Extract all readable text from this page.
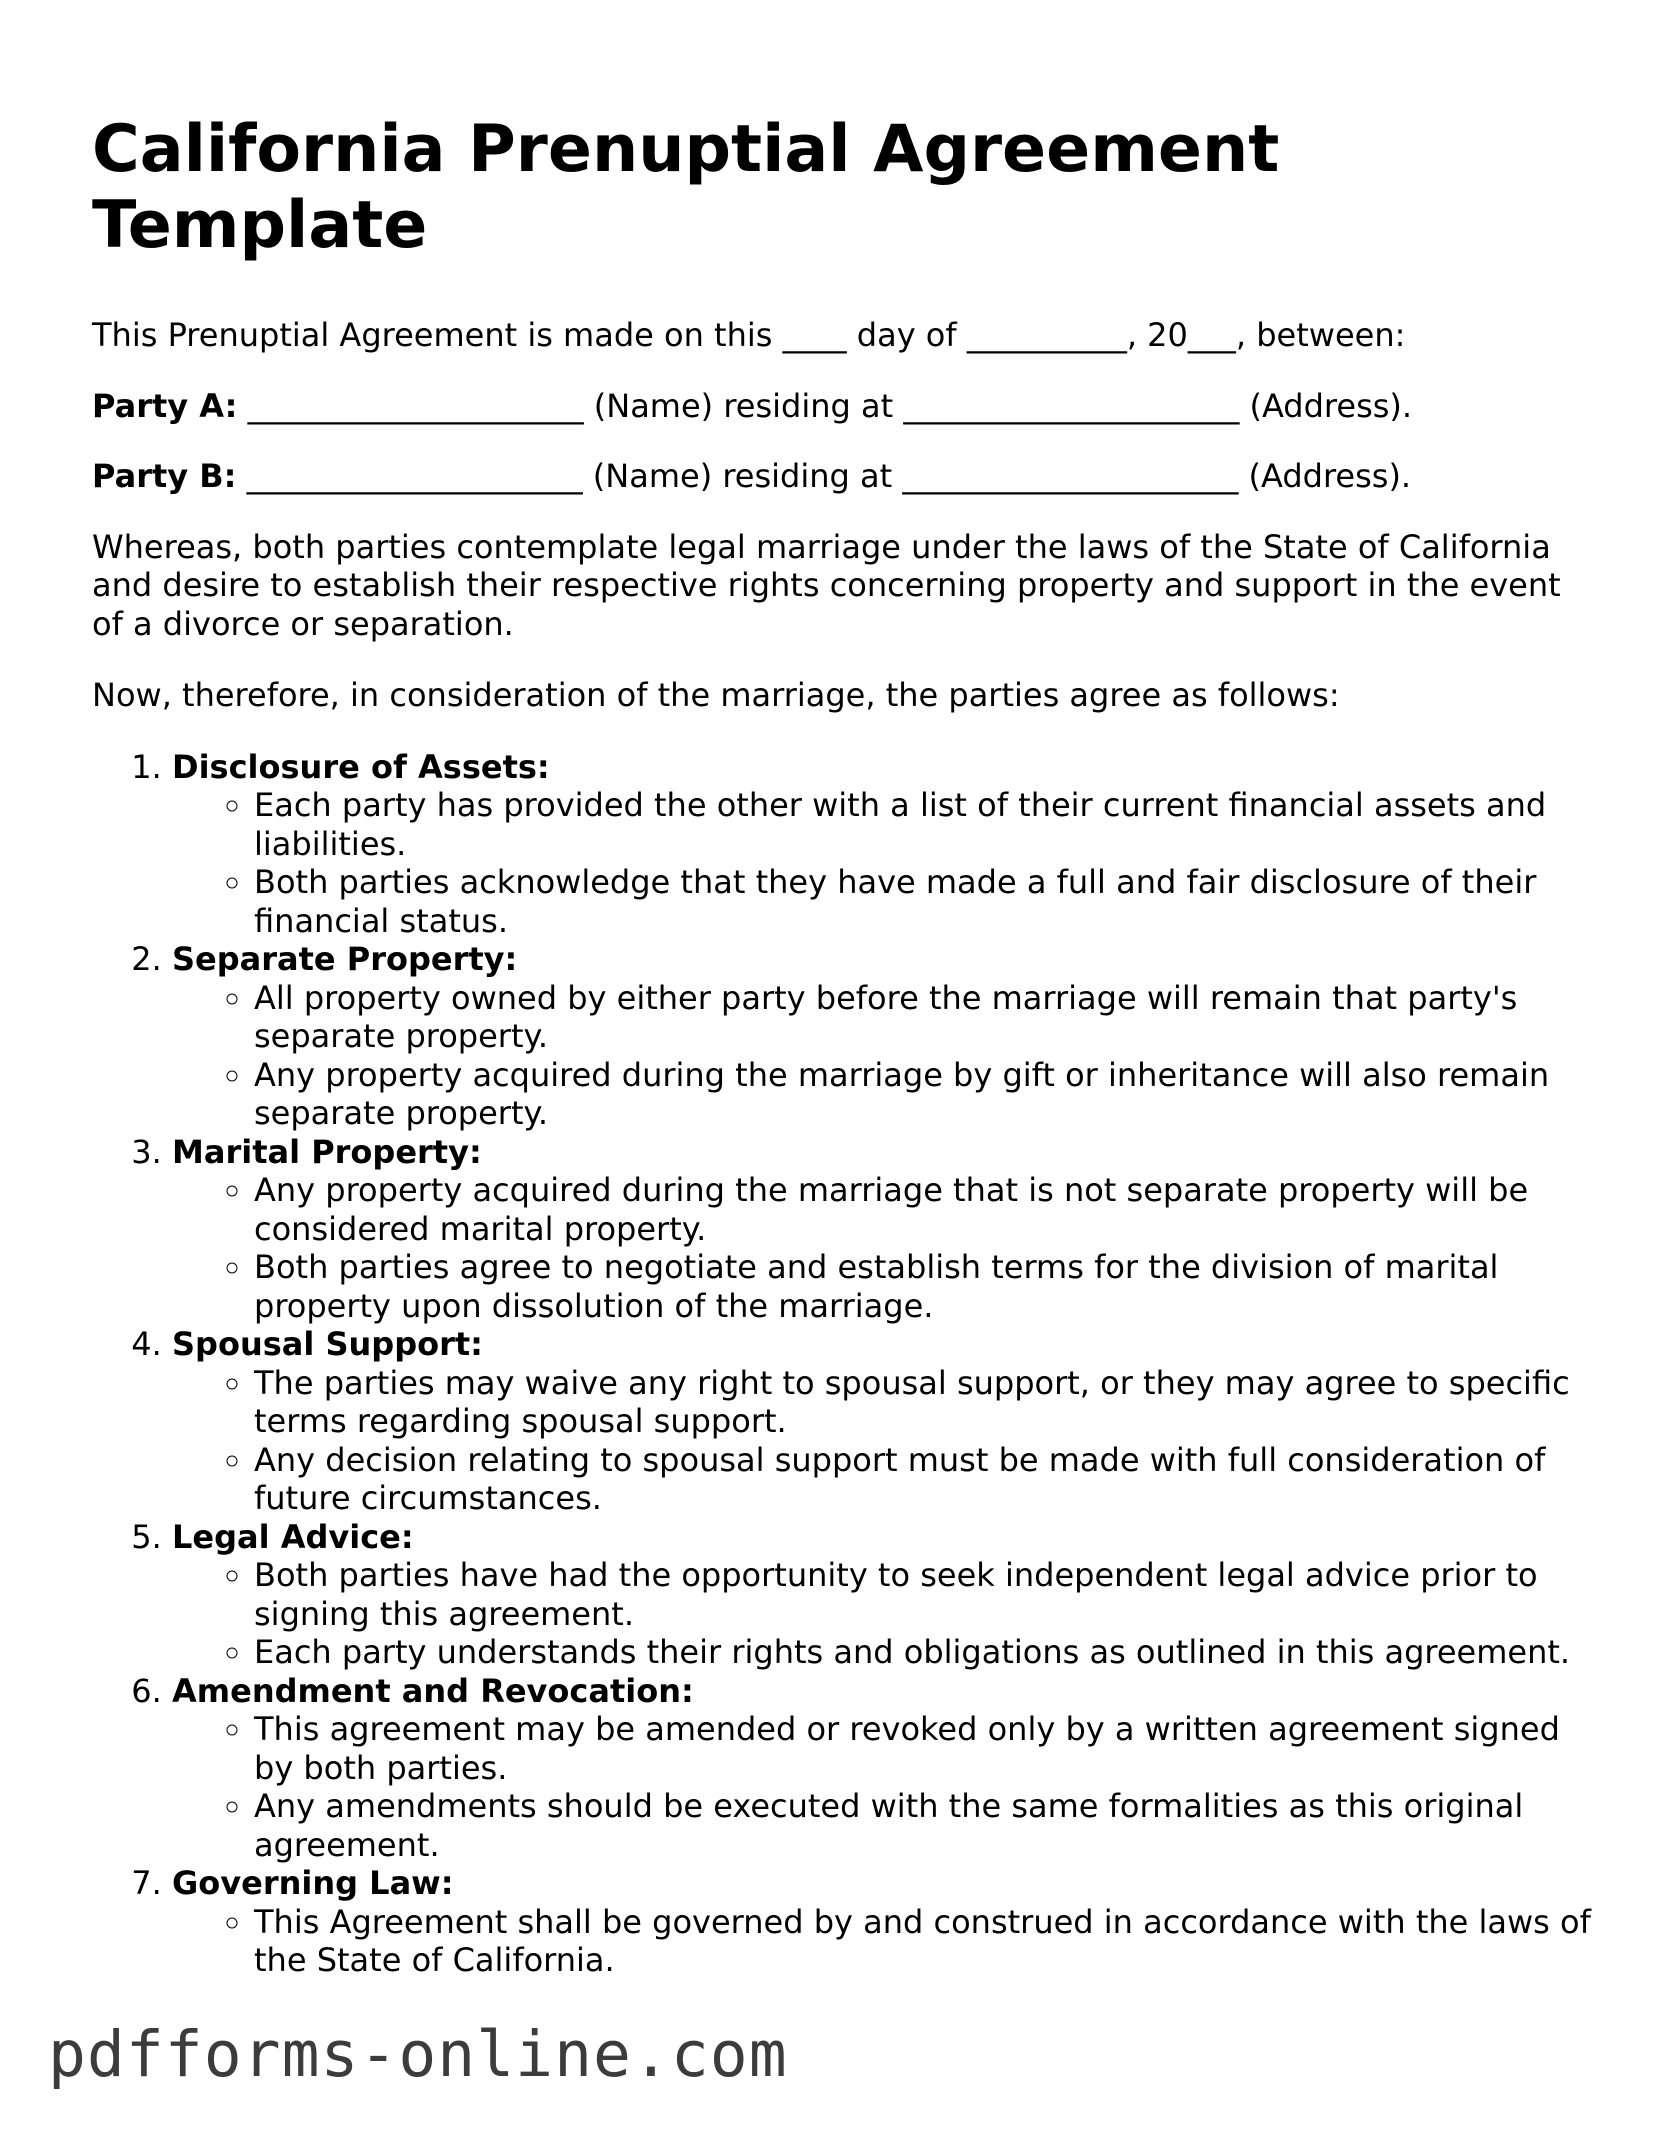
California Prenuptial Agreement
Template

This Prenuptial Agreement is made on this ____ day of __________, 20___, between:

Party A: _____________________ (Name) residing at _____________________ (Address).

Party B: _____________________ (Name) residing at _____________________ (Address).

Whereas, both parties contemplate legal marriage under the laws of the State of California and desire to establish their respective rights concerning property and support in the event of a divorce or separation.

Now, therefore, in consideration of the marriage, the parties agree as follows:

1. Disclosure of Assets:
◦ Each party has provided the other with a list of their current financial assets and liabilities.
◦ Both parties acknowledge that they have made a full and fair disclosure of their financial status.
2. Separate Property:
◦ All property owned by either party before the marriage will remain that party's separate property.
◦ Any property acquired during the marriage by gift or inheritance will also remain separate property.
3. Marital Property:
◦ Any property acquired during the marriage that is not separate property will be considered marital property.
◦ Both parties agree to negotiate and establish terms for the division of marital property upon dissolution of the marriage.
4. Spousal Support:
◦ The parties may waive any right to spousal support, or they may agree to specific terms regarding spousal support.
◦ Any decision relating to spousal support must be made with full consideration of future circumstances.
5. Legal Advice:
◦ Both parties have had the opportunity to seek independent legal advice prior to signing this agreement.
◦ Each party understands their rights and obligations as outlined in this agreement.
6. Amendment and Revocation:
◦ This agreement may be amended or revoked only by a written agreement signed by both parties.
◦ Any amendments should be executed with the same formalities as this original agreement.
7. Governing Law:
◦ This Agreement shall be governed by and construed in accordance with the laws of the State of California.
pdfforms-online.com
